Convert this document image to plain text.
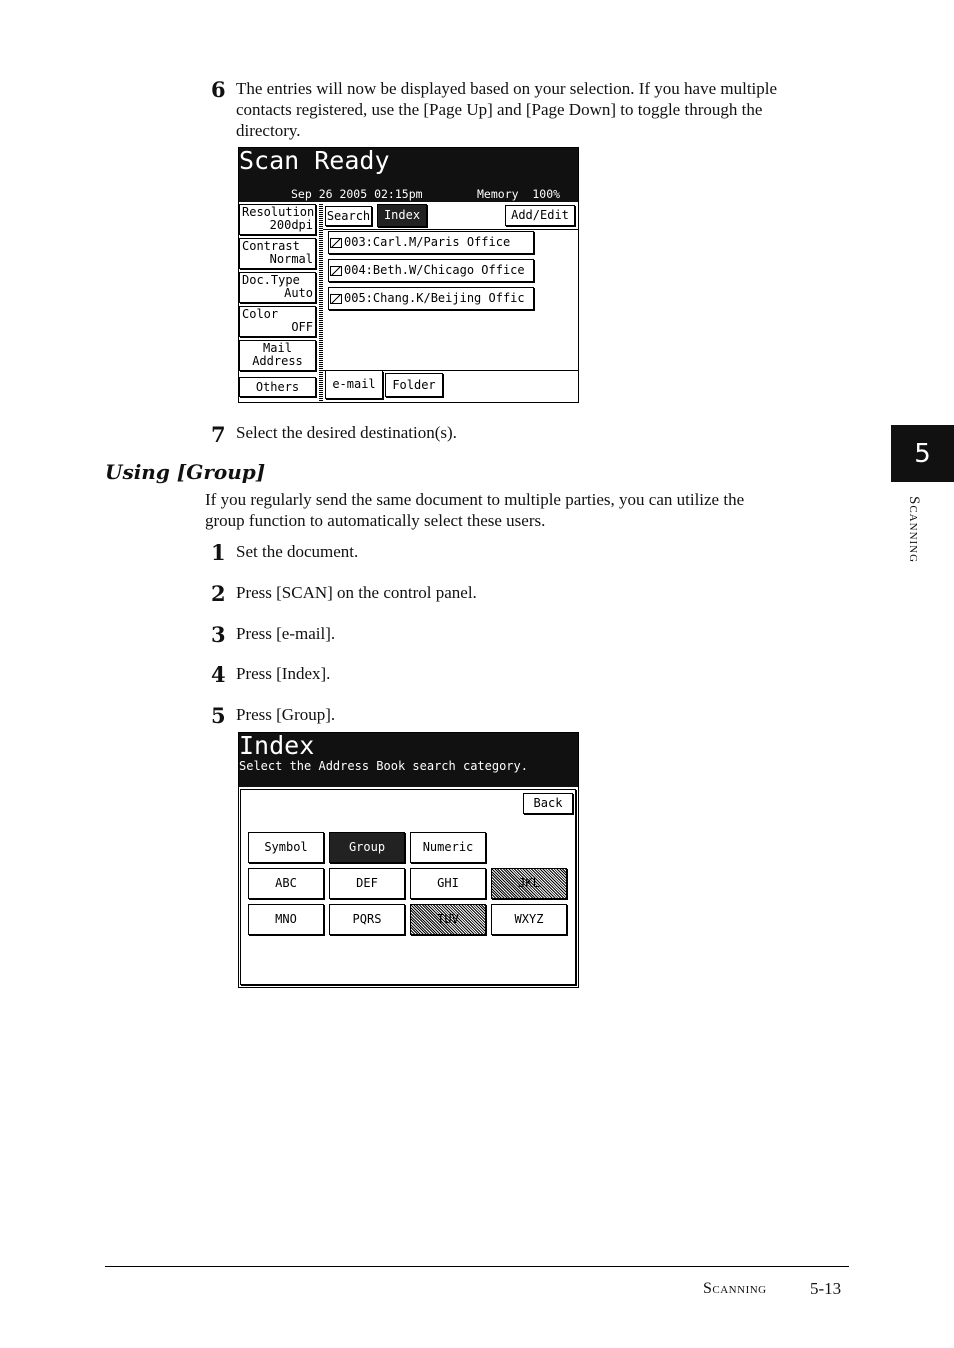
6 The entries will now be displayed based on your selection. If you have multiple
contacts registered, use the [Page Up] and [Page Down] to toggle through the
directory.
Scan Ready
Sep 26 2005 02:15pm	Memory  100%
Resolution
200dpi
Contrast
Normal
Doc.Type
Auto
Color
OFF
Mail
Address
Others
Search	Index	Add/Edit
003:Carl.M/Paris Office
004:Beth.W/Chicago Office
005:Chang.K/Beijing Offic
e-mail	Folder
7 Select the desired destination(s).
Using [Group]
If you regularly send the same document to multiple parties, you can utilize the
group function to automatically select these users.
1 Set the document.
2 Press [SCAN] on the control panel.
3 Press [e-mail].
4 Press [Index].
5 Press [Group].
Index
Select the Address Book search category.
Back
Symbol	Group	Numeric
ABC	DEF	GHI	JKL
MNO	PQRS	TUV	WXYZ
5
Scanning
Scanning	5-13
